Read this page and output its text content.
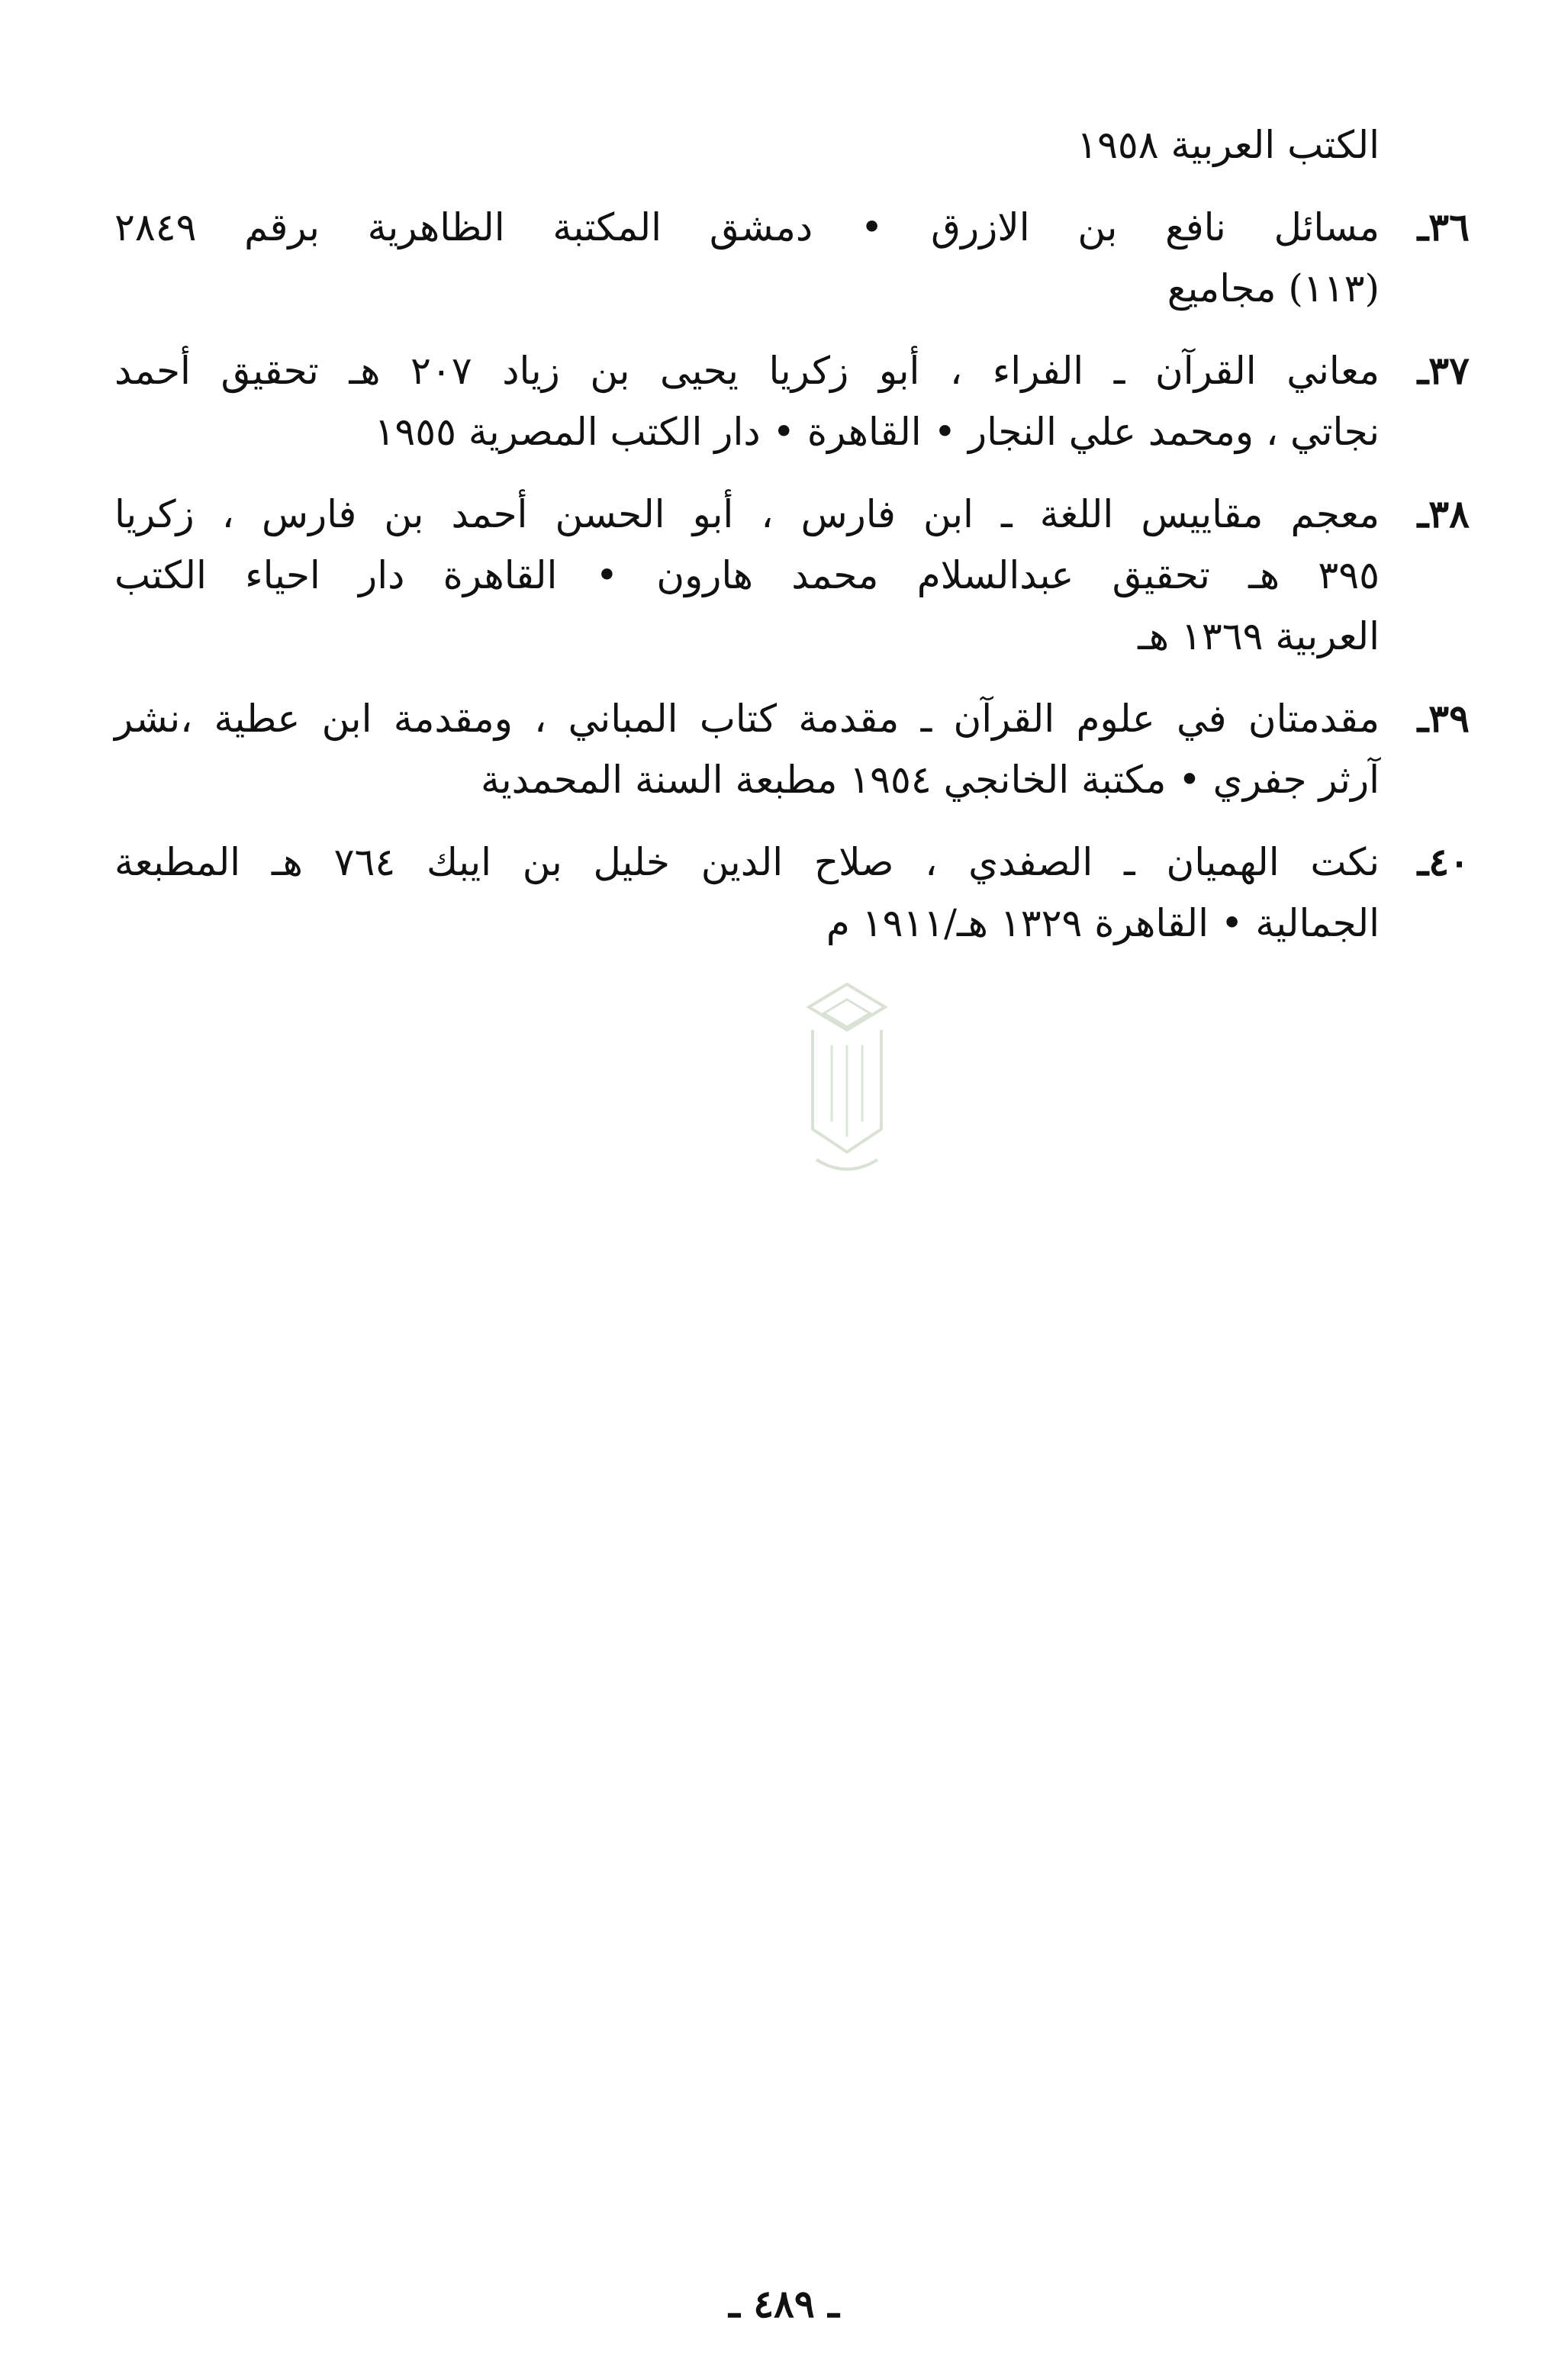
الكتب العربية ١٩٥٨

٣٦ـ

مسائل نافع بن الازرق • دمشق المكتبة الظاهرية برقم ٢٨٤٩

(١١٣) مجاميع

٣٧ـ

معاني القرآن ـ الفراء ، أبو زكريا يحيى بن زياد ٢٠٧ هـ تحقيق أحمد

نجاتي ، ومحمد علي النجار • القاهرة • دار الكتب المصرية ١٩٥٥

٣٨ـ

معجم مقاييس اللغة ـ ابن فارس ، أبو الحسن أحمد بن فارس ، زكريا

٣٩٥ هـ تحقيق عبدالسلام محمد هارون • القاهرة دار احياء الكتب

العربية ١٣٦٩ هـ

٣٩ـ

مقدمتان في علوم القرآن ـ مقدمة كتاب المباني ، ومقدمة ابن عطية ،نشر

آرثر جفري • مكتبة الخانجي ١٩٥٤ مطبعة السنة المحمدية

٤٠ـ

نكت الهميان ـ الصفدي ، صلاح الدين خليل بن ايبك ٧٦٤ هـ المطبعة

الجمالية • القاهرة ١٣٢٩ هـ/١٩١١ م

ـ ٤٨٩ ـ
